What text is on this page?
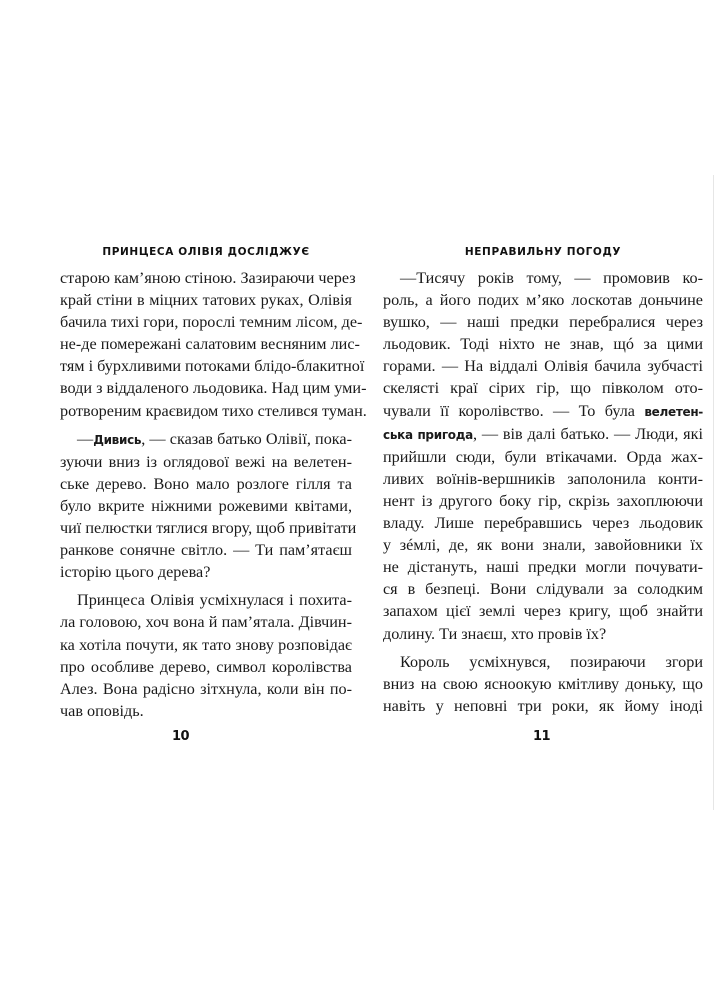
ПРИНЦЕСА ОЛІВІЯ ДОСЛІДЖУЄ
старою кам’яною стіною. Зазираючи через
край стіни в міцних татових руках, Олівія
бачила тихі гори, порослі темним лісом, де-
не-де помережані салатовим весняним лис-
тям і бурхливими потоками блідо-блакитної
води з віддаленого льодовика. Над цим уми-
ротвореним краєвидом тихо стелився туман.
—Дивись, — сказав батько Олівії, пока-
зуючи вниз із оглядової вежі на велетен-
ське дерево. Воно мало розлоге гілля та
було вкрите ніжними рожевими квітами,
чиї пелюстки тяглися вгору, щоб привітати
ранкове сонячне світло. — Ти пам’ятаєш
історію цього дерева?
Принцеса Олівія усміхнулася і похита-
ла головою, хоч вона й пам’ятала. Дівчин-
ка хотіла почути, як тато знову розповідає
про особливе дерево, символ королівства
Алез. Вона радісно зітхнула, коли він по-
чав оповідь.
10
НЕПРАВИЛЬНУ ПОГОДУ
—Тисячу років тому, — промовив ко-
роль, а його подих м’яко лоскотав доньчине
вушко, — наші предки перебралися через
льодовик. Тоді ніхто не знав, щó за цими
горами. — На віддалі Олівія бачила зубчасті
скелясті краї сірих гір, що півколом ото-
чували її королівство. — То була велетен-
ська пригода, — вів далі батько. — Люди, які
прийшли сюди, були втікачами. Орда жах-
ливих воїнів-вершників заполонила конти-
нент із другого боку гір, скрізь захоплюючи
владу. Лише перебравшись через льодовик
у зéмлі, де, як вони знали, завойовники їх
не дістануть, наші предки могли почувати-
ся в безпеці. Вони слідували за солодким
запахом цієї землі через кригу, щоб знайти
долину. Ти знаєш, хто провів їх?
Король усміхнувся, позираючи згори
вниз на свою ясноокую кмітливу доньку, що
навіть у неповні три роки, як йому іноді
11
